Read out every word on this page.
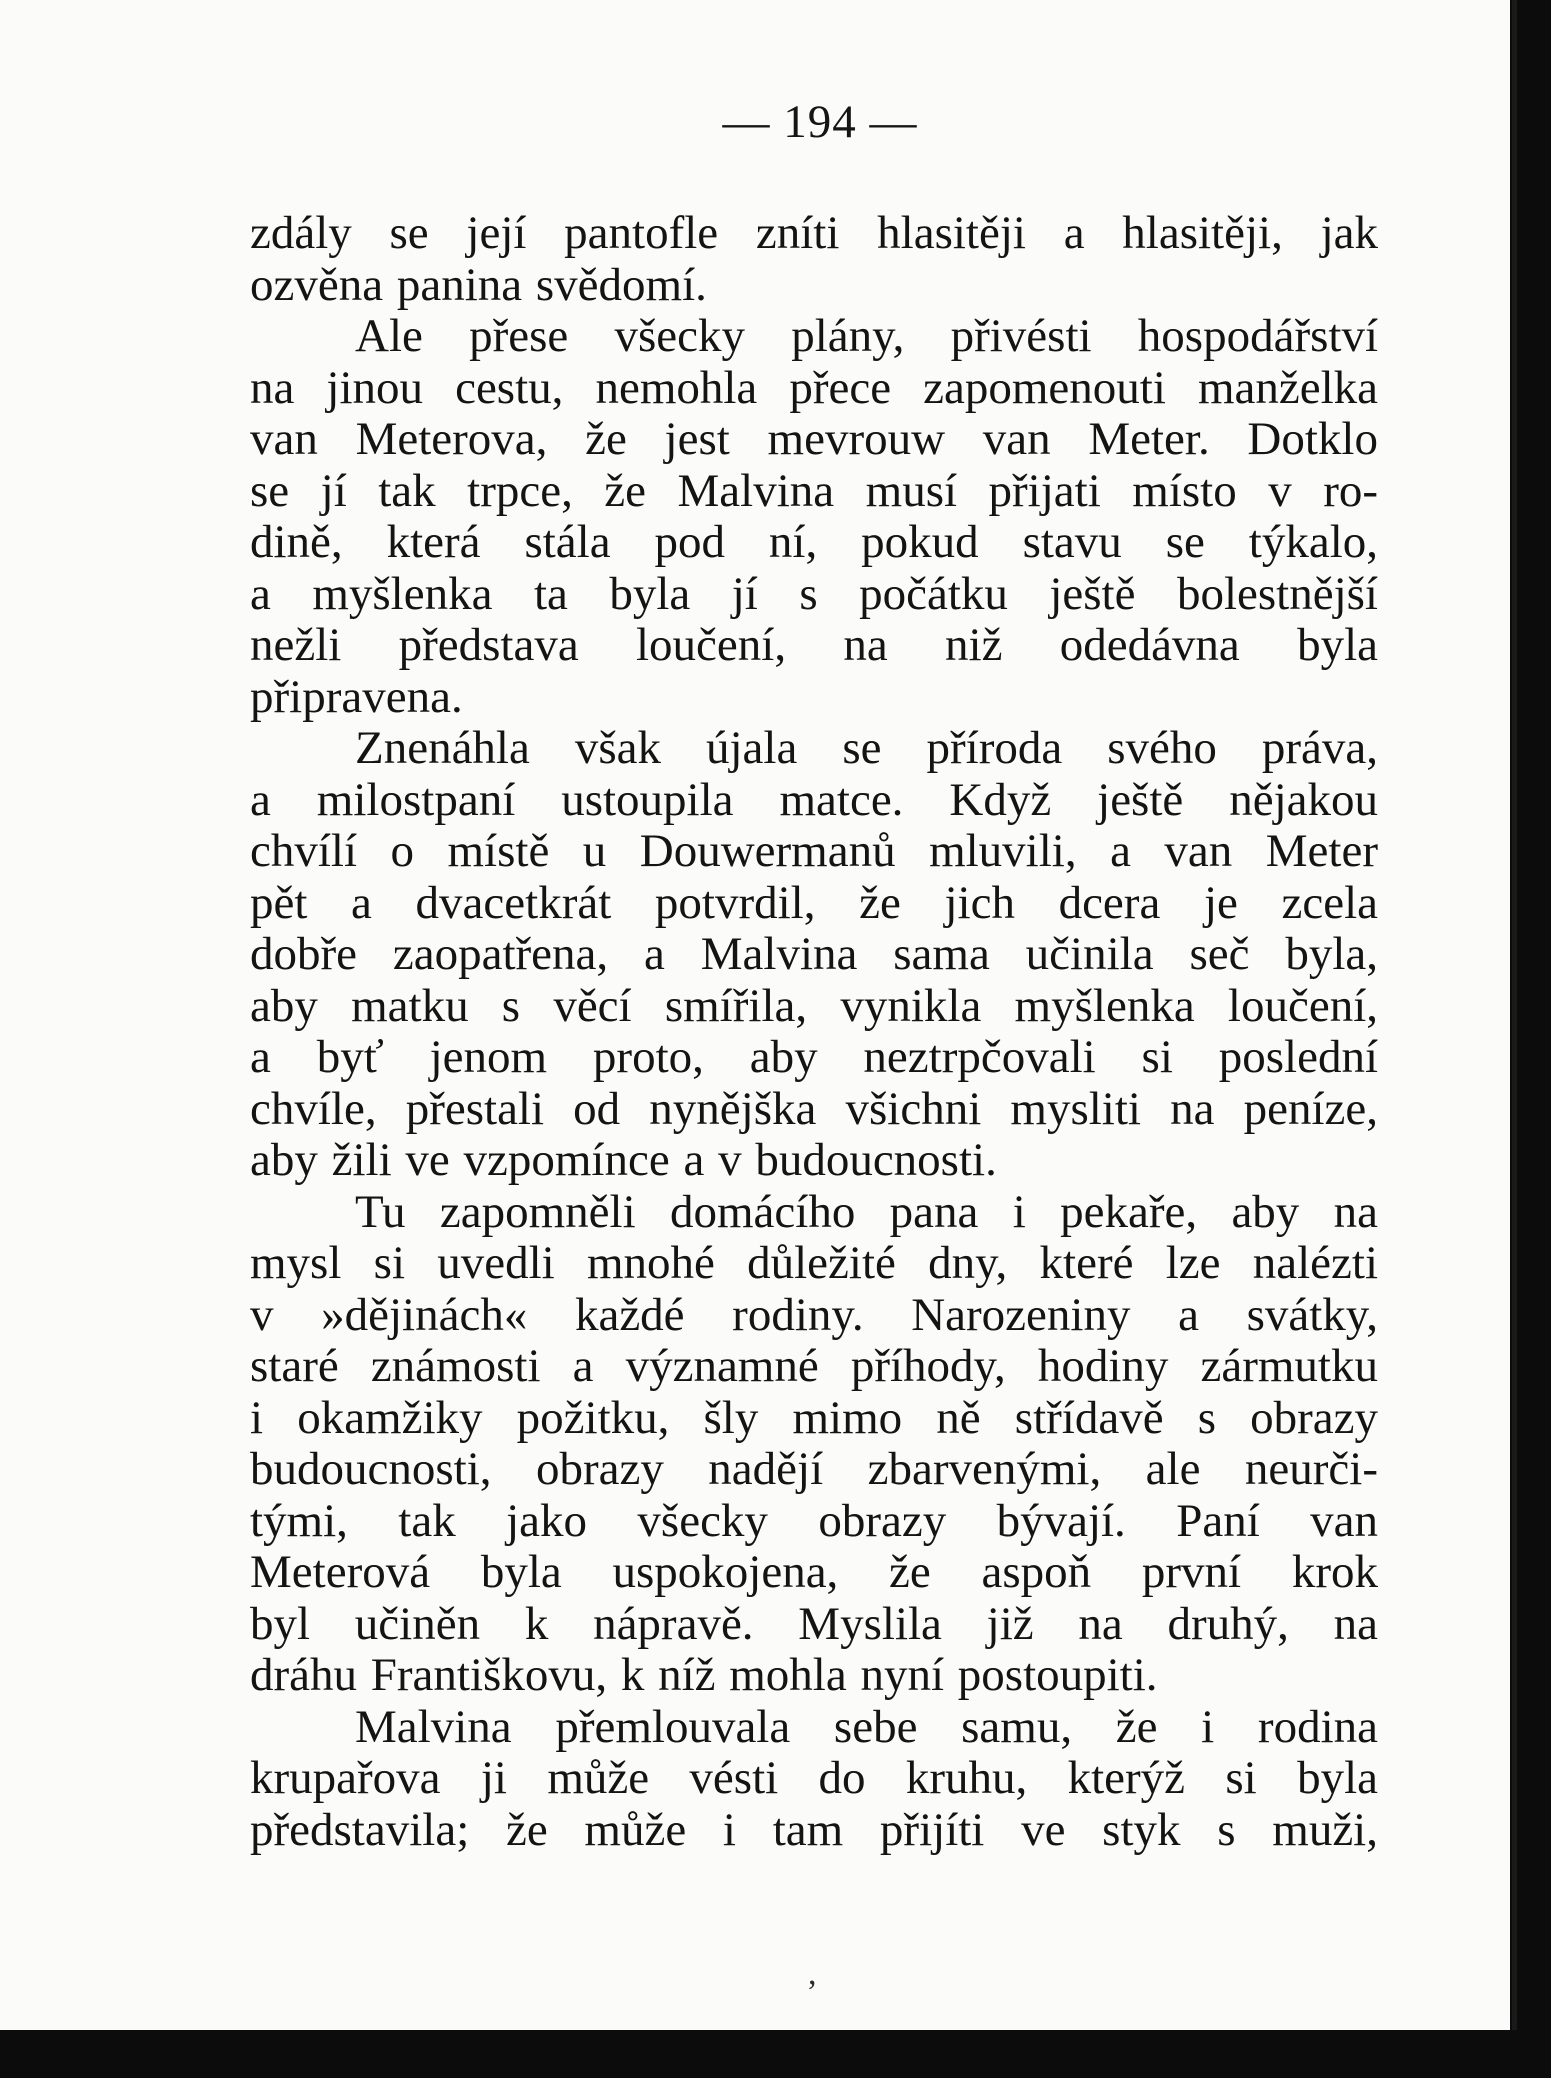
— 194 —
zdály se její pantofle zníti hlasitěji a hlasitěji, jak
ozvěna panina svědomí.
Ale přese všecky plány, přivésti hospodářství
na jinou cestu, nemohla přece zapomenouti manželka
van Meterova, že jest mevrouw van Meter. Dotklo
se jí tak trpce, že Malvina musí přijati místo v ro-
dině, která stála pod ní, pokud stavu se týkalo,
a myšlenka ta byla jí s počátku ještě bolestnější
nežli představa loučení, na niž odedávna byla
připravena.
Znenáhla však újala se příroda svého práva,
a milostpaní ustoupila matce. Když ještě nějakou
chvílí o místě u Douwermanů mluvili, a van Meter
pět a dvacetkrát potvrdil, že jich dcera je zcela
dobře zaopatřena, a Malvina sama učinila seč byla,
aby matku s věcí smířila, vynikla myšlenka loučení,
a byť jenom proto, aby neztrpčovali si poslední
chvíle, přestali od nynějška všichni mysliti na peníze,
aby žili ve vzpomínce a v budoucnosti.
Tu zapomněli domácího pana i pekaře, aby na
mysl si uvedli mnohé důležité dny, které lze nalézti
v »dějinách« každé rodiny. Narozeniny a svátky,
staré známosti a významné příhody, hodiny zármutku
i okamžiky požitku, šly mimo ně střídavě s obrazy
budoucnosti, obrazy nadějí zbarvenými, ale neurči-
tými, tak jako všecky obrazy bývají. Paní van
Meterová byla uspokojena, že aspoň první krok
byl učiněn k nápravě. Myslila již na druhý, na
dráhu Františkovu, k níž mohla nyní postoupiti.
Malvina přemlouvala sebe samu, že i rodina
krupařova ji může vésti do kruhu, kterýž si byla
představila; že může i tam přijíti ve styk s muži,
,
